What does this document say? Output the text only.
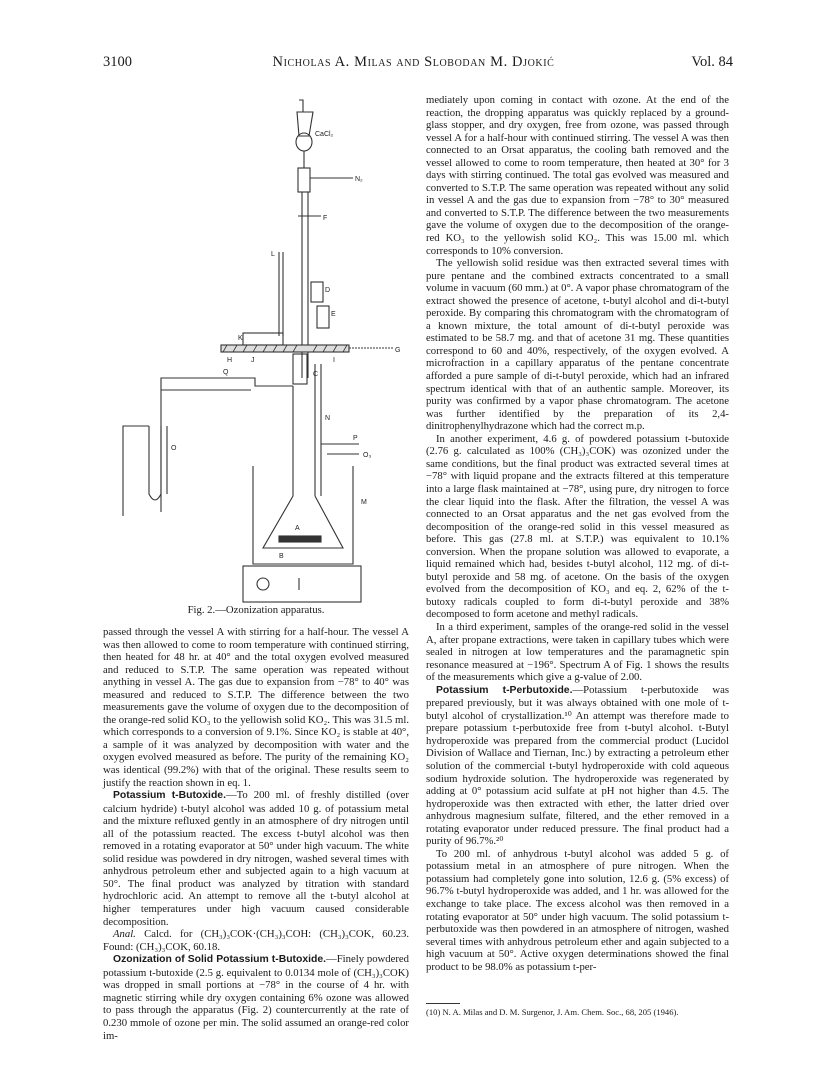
3100	Nicholas A. Milas and Slobodan M. Djokić	Vol. 84
CaCl₂
N₂
F
L
D
E
K
G
H	J
C
I
Q
N
O
P
O₃
M
A
B
Fig. 2.—Ozonization apparatus.

passed through the vessel A with stirring for a half-hour. The vessel A was then allowed to come to room temperature with continued stirring, then heated for 48 hr. at 40° and the total oxygen evolved measured and reduced to S.T.P. The same operation was repeated without anything in vessel A. The gas due to expansion from −78° to 40° was measured and reduced to S.T.P. The difference between the two measurements gave the volume of oxygen due to the decomposition of the orange-red solid KO₃ to the yellowish solid KO₂. This was 31.5 ml. which corresponds to a conversion of 9.1%. Since KO₂ is stable at 40°, a sample of it was analyzed by decomposition with water and the oxygen evolved measured as before. The purity of the remaining KO₂ was identical (99.2%) with that of the original. These results seem to justify the reaction shown in eq. 1.

Potassium t-Butoxide.—To 200 ml. of freshly distilled (over calcium hydride) t-butyl alcohol was added 10 g. of potassium metal and the mixture refluxed gently in an atmosphere of dry nitrogen until all of the potassium reacted. The excess t-butyl alcohol was then removed in a rotating evaporator at 50° under high vacuum. The white solid residue was powdered in dry nitrogen, washed several times with anhydrous petroleum ether and subjected again to a high vacuum at 50°. The final product was analyzed by titration with standard hydrochloric acid. An attempt to remove all the t-butyl alcohol at higher temperatures under high vacuum caused considerable decomposition.

Anal. Calcd. for (CH₃)₃COK·(CH₃)₃COH: (CH₃)₃COK, 60.23. Found: (CH₃)₃COK, 60.18.

Ozonization of Solid Potassium t-Butoxide.—Finely powdered potassium t-butoxide (2.5 g. equivalent to 0.0134 mole of (CH₃)₃COK) was dropped in small portions at −78° in the course of 4 hr. with magnetic stirring while dry oxygen containing 6% ozone was allowed to pass through the apparatus (Fig. 2) countercurrently at the rate of 0.230 mmole of ozone per min. The solid assumed an orange-red color im-

mediately upon coming in contact with ozone. At the end of the reaction, the dropping apparatus was quickly replaced by a ground-glass stopper, and dry oxygen, free from ozone, was passed through vessel A for a half-hour with continued stirring. The vessel A was then connected to an Orsat apparatus, the cooling bath removed and the vessel allowed to come to room temperature, then heated at 30° for 3 days with stirring continued. The total gas evolved was measured and converted to S.T.P. The same operation was repeated without any solid in vessel A and the gas due to expansion from −78° to 30° measured and converted to S.T.P. The difference between the two measurements gave the volume of oxygen due to the decomposition of the orange-red KO₃ to the yellowish solid KO₂. This was 15.00 ml. which corresponds to 10% conversion.

The yellowish solid residue was then extracted several times with pure pentane and the combined extracts concentrated to a small volume in vacuum (60 mm.) at 0°. A vapor phase chromatogram of the extract showed the presence of acetone, t-butyl alcohol and di-t-butyl peroxide. By comparing this chromatogram with the chromatogram of a known mixture, the total amount of di-t-butyl peroxide was estimated to be 58.7 mg. and that of acetone 31 mg. These quantities correspond to 60 and 40%, respectively, of the oxygen evolved. A microfraction in a capillary apparatus of the pentane concentrate afforded a pure sample of di-t-butyl peroxide, which had an infrared spectrum identical with that of an authentic sample. Moreover, its purity was confirmed by a vapor phase chromatogram. The acetone was further identified by the preparation of its 2,4-dinitrophenylhydrazone which had the correct m.p.

In another experiment, 4.6 g. of powdered potassium t-butoxide (2.76 g. calculated as 100% (CH₃)₃COK) was ozonized under the same conditions, but the final product was extracted several times at −78° with liquid propane and the extracts filtered at this temperature into a large flask maintained at −78°, using pure, dry nitrogen to force the clear liquid into the flask. After the filtration, the vessel A was connected to an Orsat apparatus and the net gas evolved from the decomposition of the orange-red solid in this vessel measured as before. This gas (27.8 ml. at S.T.P.) was equivalent to 10.1% conversion. When the propane solution was allowed to evaporate, a liquid remained which had, besides t-butyl alcohol, 112 mg. of di-t-butyl peroxide and 58 mg. of acetone. On the basis of the oxygen evolved from the decomposition of KO₃ and eq. 2, 62% of the t-butoxy radicals coupled to form di-t-butyl peroxide and 38% decomposed to form acetone and methyl radicals.

In a third experiment, samples of the orange-red solid in the vessel A, after propane extractions, were taken in capillary tubes which were sealed in nitrogen at low temperatures and the paramagnetic spin resonance measured at −196°. Spectrum A of Fig. 1 shows the results of the measurements which give a g-value of 2.00.

Potassium t-Perbutoxide.—Potassium t-perbutoxide was prepared previously, but it was always obtained with one mole of t-butyl alcohol of crystallization.¹⁰ An attempt was therefore made to prepare potassium t-perbutoxide free from t-butyl alcohol. t-Butyl hydroperoxide was prepared from the commercial product (Lucidol Division of Wallace and Tiernan, Inc.) by extracting a petroleum ether solution of the commercial t-butyl hydroperoxide with cold aqueous sodium hydroxide solution. The hydroperoxide was regenerated by adding at 0° potassium acid sulfate at pH not higher than 4.5. The hydroperoxide was then extracted with ether, the latter dried over anhydrous magnesium sulfate, filtered, and the ether removed in a rotating evaporator under reduced pressure. The final product had a purity of 96.7%.²⁰

To 200 ml. of anhydrous t-butyl alcohol was added 5 g. of potassium metal in an atmosphere of pure nitrogen. When the potassium had completely gone into solution, 12.6 g. (5% excess) of 96.7% t-butyl hydroperoxide was added, and 1 hr. was allowed for the exchange to take place. The excess alcohol was then removed in a rotating evaporator at 50° under high vacuum. The solid potassium t-perbutoxide was then powdered in an atmosphere of nitrogen, washed several times with anhydrous petroleum ether and again subjected to a high vacuum at 50°. Active oxygen determinations showed the final product to be 98.0% as potassium t-per-

(10) N. A. Milas and D. M. Surgenor, J. Am. Chem. Soc., 68, 205 (1946).
